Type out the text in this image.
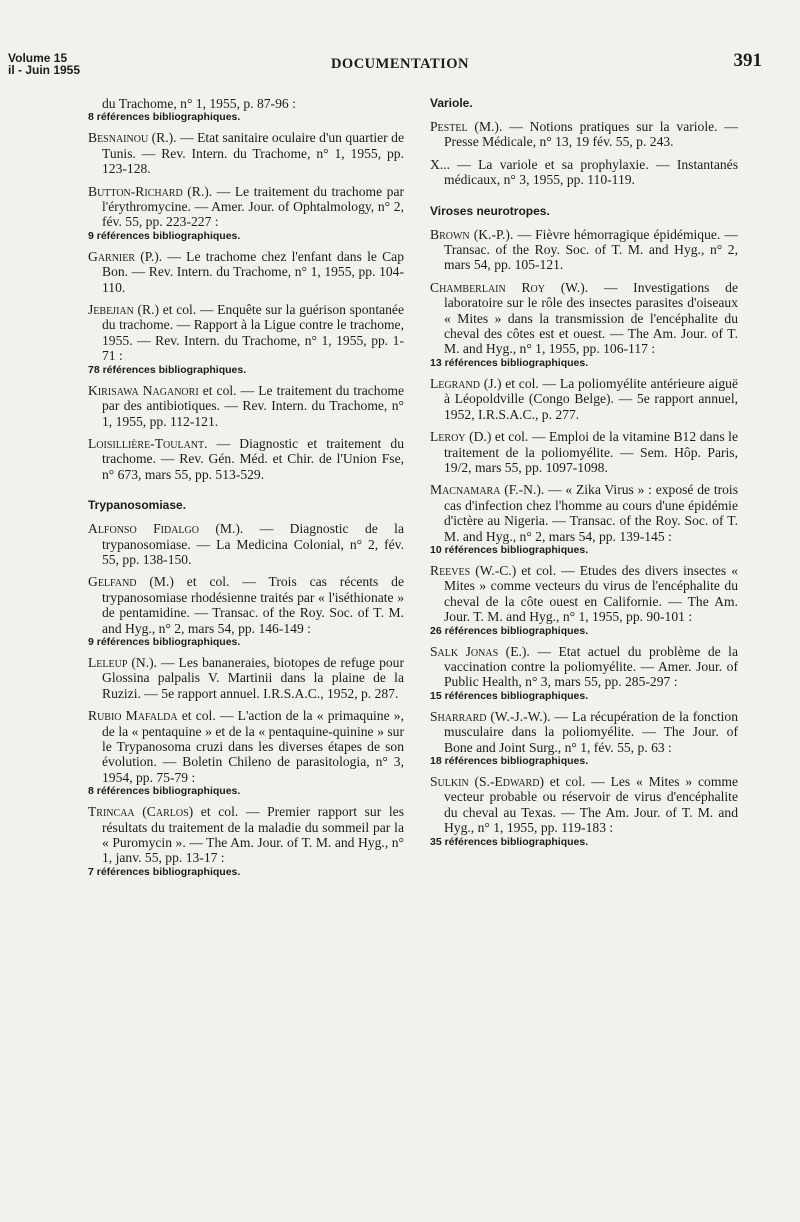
Volume 15
il - Juin 1955	DOCUMENTATION	391

du Trachome, n° 1, 1955, p. 87-96 :
8 références bibliographiques.

Besnainou (R.). — Etat sanitaire oculaire d'un quartier de Tunis. — Rev. Intern. du Trachome, n° 1, 1955, pp. 123-128.

Button-Richard (R.). — Le traitement du trachome par l'érythromycine. — Amer. Jour. of Ophtalmology, n° 2, fév. 55, pp. 223-227 :
9 références bibliographiques.

Garnier (P.). — Le trachome chez l'enfant dans le Cap Bon. — Rev. Intern. du Trachome, n° 1, 1955, pp. 104-110.

Jebejian (R.) et col. — Enquête sur la guérison spontanée du trachome. — Rapport à la Ligue contre le trachome, 1955. — Rev. Intern. du Trachome, n° 1, 1955, pp. 1-71 :
78 références bibliographiques.

Kirisawa Naganori et col. — Le traitement du trachome par des antibiotiques. — Rev. Intern. du Trachome, n° 1, 1955, pp. 112-121.

Loisillière-Toulant. — Diagnostic et traitement du trachome. — Rev. Gén. Méd. et Chir. de l'Union Fse, n° 673, mars 55, pp. 513-529.

Trypanosomiase.

Alfonso Fidalgo (M.). — Diagnostic de la trypanosomiase. — La Medicina Colonial, n° 2, fév. 55, pp. 138-150.

Gelfand (M.) et col. — Trois cas récents de trypanosomiase rhodésienne traités par « l'iséthionate » de pentamidine. — Transac. of the Roy. Soc. of T. M. and Hyg., n° 2, mars 54, pp. 146-149 :
9 références bibliographiques.

Leleup (N.). — Les bananeraies, biotopes de refuge pour Glossina palpalis V. Martinii dans la plaine de la Ruzizi. — 5e rapport annuel. I.R.S.A.C., 1952, p. 287.

Rubio Mafalda et col. — L'action de la « primaquine », de la « pentaquine » et de la « pentaquine-quinine » sur le Trypanosoma cruzi dans les diverses étapes de son évolution. — Boletin Chileno de parasitologia, n° 3, 1954, pp. 75-79 :
8 références bibliographiques.

Trincaa (Carlos) et col. — Premier rapport sur les résultats du traitement de la maladie du sommeil par la « Puromycin ». — The Am. Jour. of T. M. and Hyg., n° 1, janv. 55, pp. 13-17 :
7 références bibliographiques.

Variole.

Pestel (M.). — Notions pratiques sur la variole. — Presse Médicale, n° 13, 19 fév. 55, p. 243.

X... — La variole et sa prophylaxie. — Instantanés médicaux, n° 3, 1955, pp. 110-119.

Viroses neurotropes.

Brown (K.-P.). — Fièvre hémorragique épidémique. — Transac. of the Roy. Soc. of T. M. and Hyg., n° 2, mars 54, pp. 105-121.

Chamberlain Roy (W.). — Investigations de laboratoire sur le rôle des insectes parasites d'oiseaux « Mites » dans la transmission de l'encéphalite du cheval des côtes est et ouest. — The Am. Jour. of T. M. and Hyg., n° 1, 1955, pp. 106-117 :
13 références bibliographiques.

Legrand (J.) et col. — La poliomyélite antérieure aiguë à Léopoldville (Congo Belge). — 5e rapport annuel, 1952, I.R.S.A.C., p. 277.

Leroy (D.) et col. — Emploi de la vitamine B12 dans le traitement de la poliomyélite. — Sem. Hôp. Paris, 19/2, mars 55, pp. 1097-1098.

Macnamara (F.-N.). — « Zika Virus » : exposé de trois cas d'infection chez l'homme au cours d'une épidémie d'ictère au Nigeria. — Transac. of the Roy. Soc. of T. M. and Hyg., n° 2, mars 54, pp. 139-145 :
10 références bibliographiques.

Reeves (W.-C.) et col. — Etudes des divers insectes « Mites » comme vecteurs du virus de l'encéphalite du cheval de la côte ouest en Californie. — The Am. Jour. T. M. and Hyg., n° 1, 1955, pp. 90-101 :
26 références bibliographiques.

Salk Jonas (E.). — Etat actuel du problème de la vaccination contre la poliomyélite. — Amer. Jour. of Public Health, n° 3, mars 55, pp. 285-297 :
15 références bibliographiques.

Sharrard (W.-J.-W.). — La récupération de la fonction musculaire dans la poliomyélite. — The Jour. of Bone and Joint Surg., n° 1, fév. 55, p. 63 :
18 références bibliographiques.

Sulkin (S.-Edward) et col. — Les « Mites » comme vecteur probable ou réservoir de virus d'encéphalite du cheval au Texas. — The Am. Jour. of T. M. and Hyg., n° 1, 1955, pp. 119-183 :
35 références bibliographiques.
